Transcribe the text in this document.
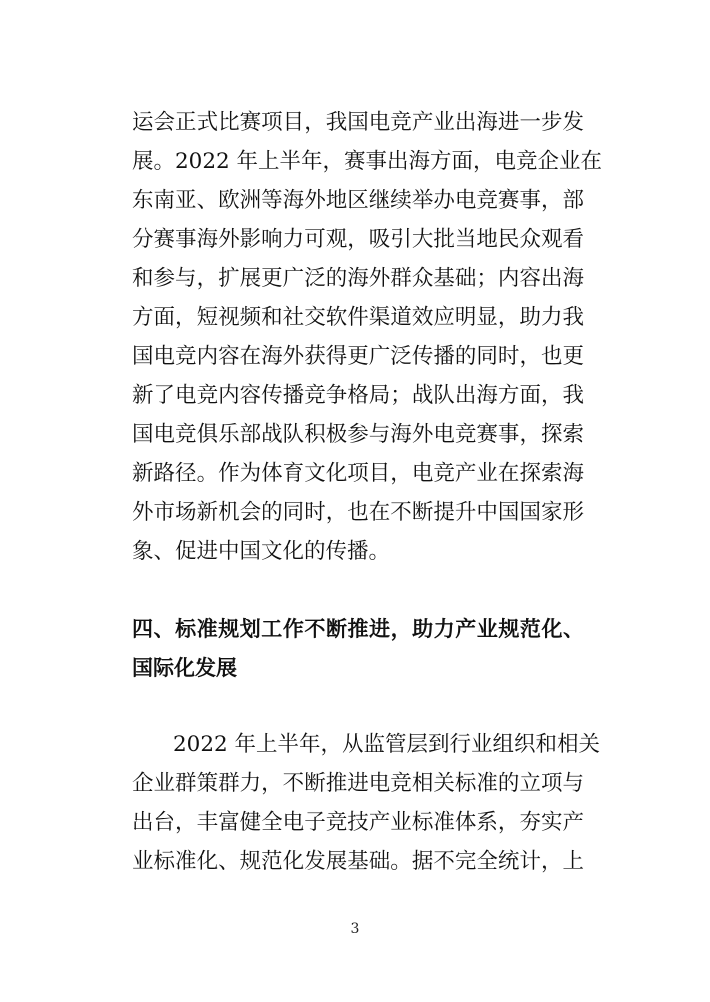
运会正式比赛项目，我国电竞产业出海进一步发
展。2022 年上半年，赛事出海方面，电竞企业在
东南亚、欧洲等海外地区继续举办电竞赛事，部
分赛事海外影响力可观，吸引大批当地民众观看
和参与，扩展更广泛的海外群众基础；内容出海
方面，短视频和社交软件渠道效应明显，助力我
国电竞内容在海外获得更广泛传播的同时，也更
新了电竞内容传播竞争格局；战队出海方面，我
国电竞俱乐部战队积极参与海外电竞赛事，探索
新路径。作为体育文化项目，电竞产业在探索海
外市场新机会的同时，也在不断提升中国国家形
象、促进中国文化的传播。
四、标准规划工作不断推进，助力产业规范化、
国际化发展
2022 年上半年，从监管层到行业组织和相关
企业群策群力，不断推进电竞相关标准的立项与
出台，丰富健全电子竞技产业标准体系，夯实产
业标准化、规范化发展基础。据不完全统计，上
3
